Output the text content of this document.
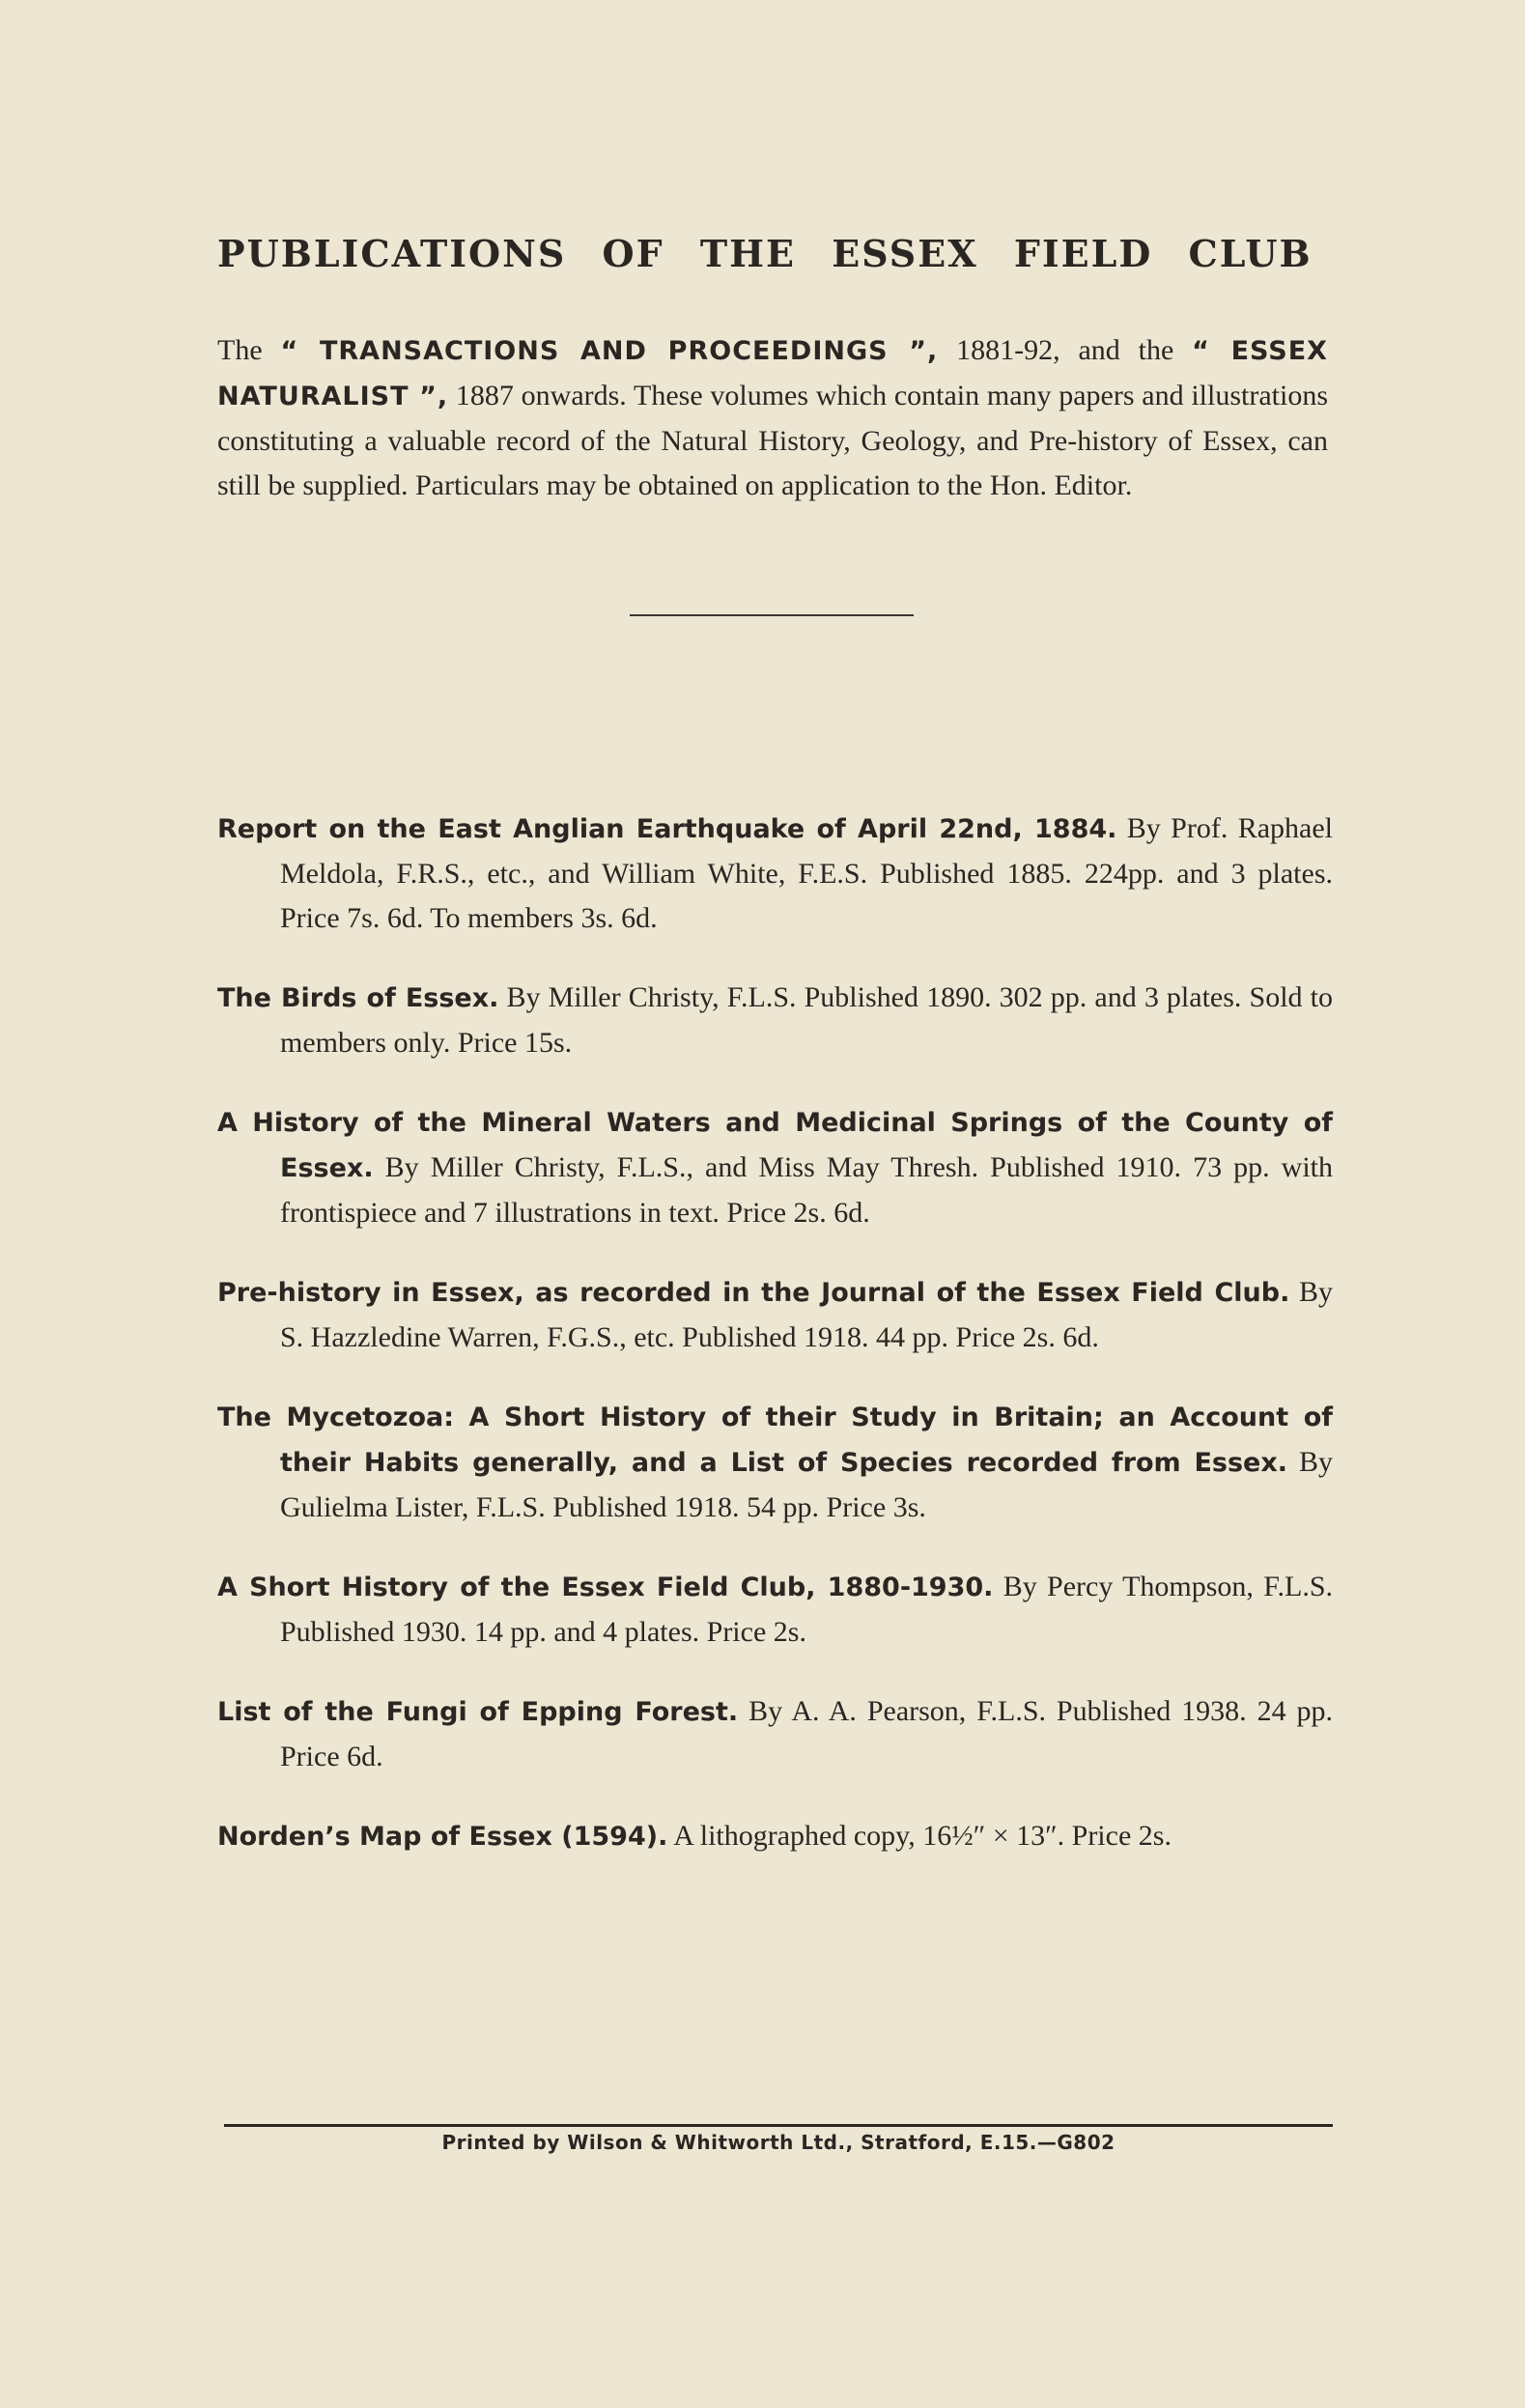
PUBLICATIONS OF THE ESSEX FIELD CLUB

The “ TRANSACTIONS AND PROCEEDINGS ”, 1881-92, and the “ ESSEX NATURALIST ”, 1887 onwards. These volumes which contain many papers and illustrations constituting a valuable record of the Natural History, Geology, and Pre-history of Essex, can still be supplied. Particulars may be obtained on application to the Hon. Editor.

Report on the East Anglian Earthquake of April 22nd, 1884. By Prof. Raphael Meldola, F.R.S., etc., and William White, F.E.S. Published 1885. 224pp. and 3 plates. Price 7s. 6d. To members 3s. 6d.

The Birds of Essex. By Miller Christy, F.L.S. Published 1890. 302 pp. and 3 plates. Sold to members only. Price 15s.

A History of the Mineral Waters and Medicinal Springs of the County of Essex. By Miller Christy, F.L.S., and Miss May Thresh. Published 1910. 73 pp. with frontispiece and 7 illustrations in text. Price 2s. 6d.

Pre-history in Essex, as recorded in the Journal of the Essex Field Club. By S. Hazzledine Warren, F.G.S., etc. Published 1918. 44 pp. Price 2s. 6d.

The Mycetozoa: A Short History of their Study in Britain; an Account of their Habits generally, and a List of Species recorded from Essex. By Gulielma Lister, F.L.S. Published 1918. 54 pp. Price 3s.

A Short History of the Essex Field Club, 1880-1930. By Percy Thompson, F.L.S. Published 1930. 14 pp. and 4 plates. Price 2s.

List of the Fungi of Epping Forest. By A. A. Pearson, F.L.S. Published 1938. 24 pp. Price 6d.

Norden’s Map of Essex (1594). A lithographed copy, 16½″ × 13″. Price 2s.

Printed by Wilson & Whitworth Ltd., Stratford, E.15.—G802
